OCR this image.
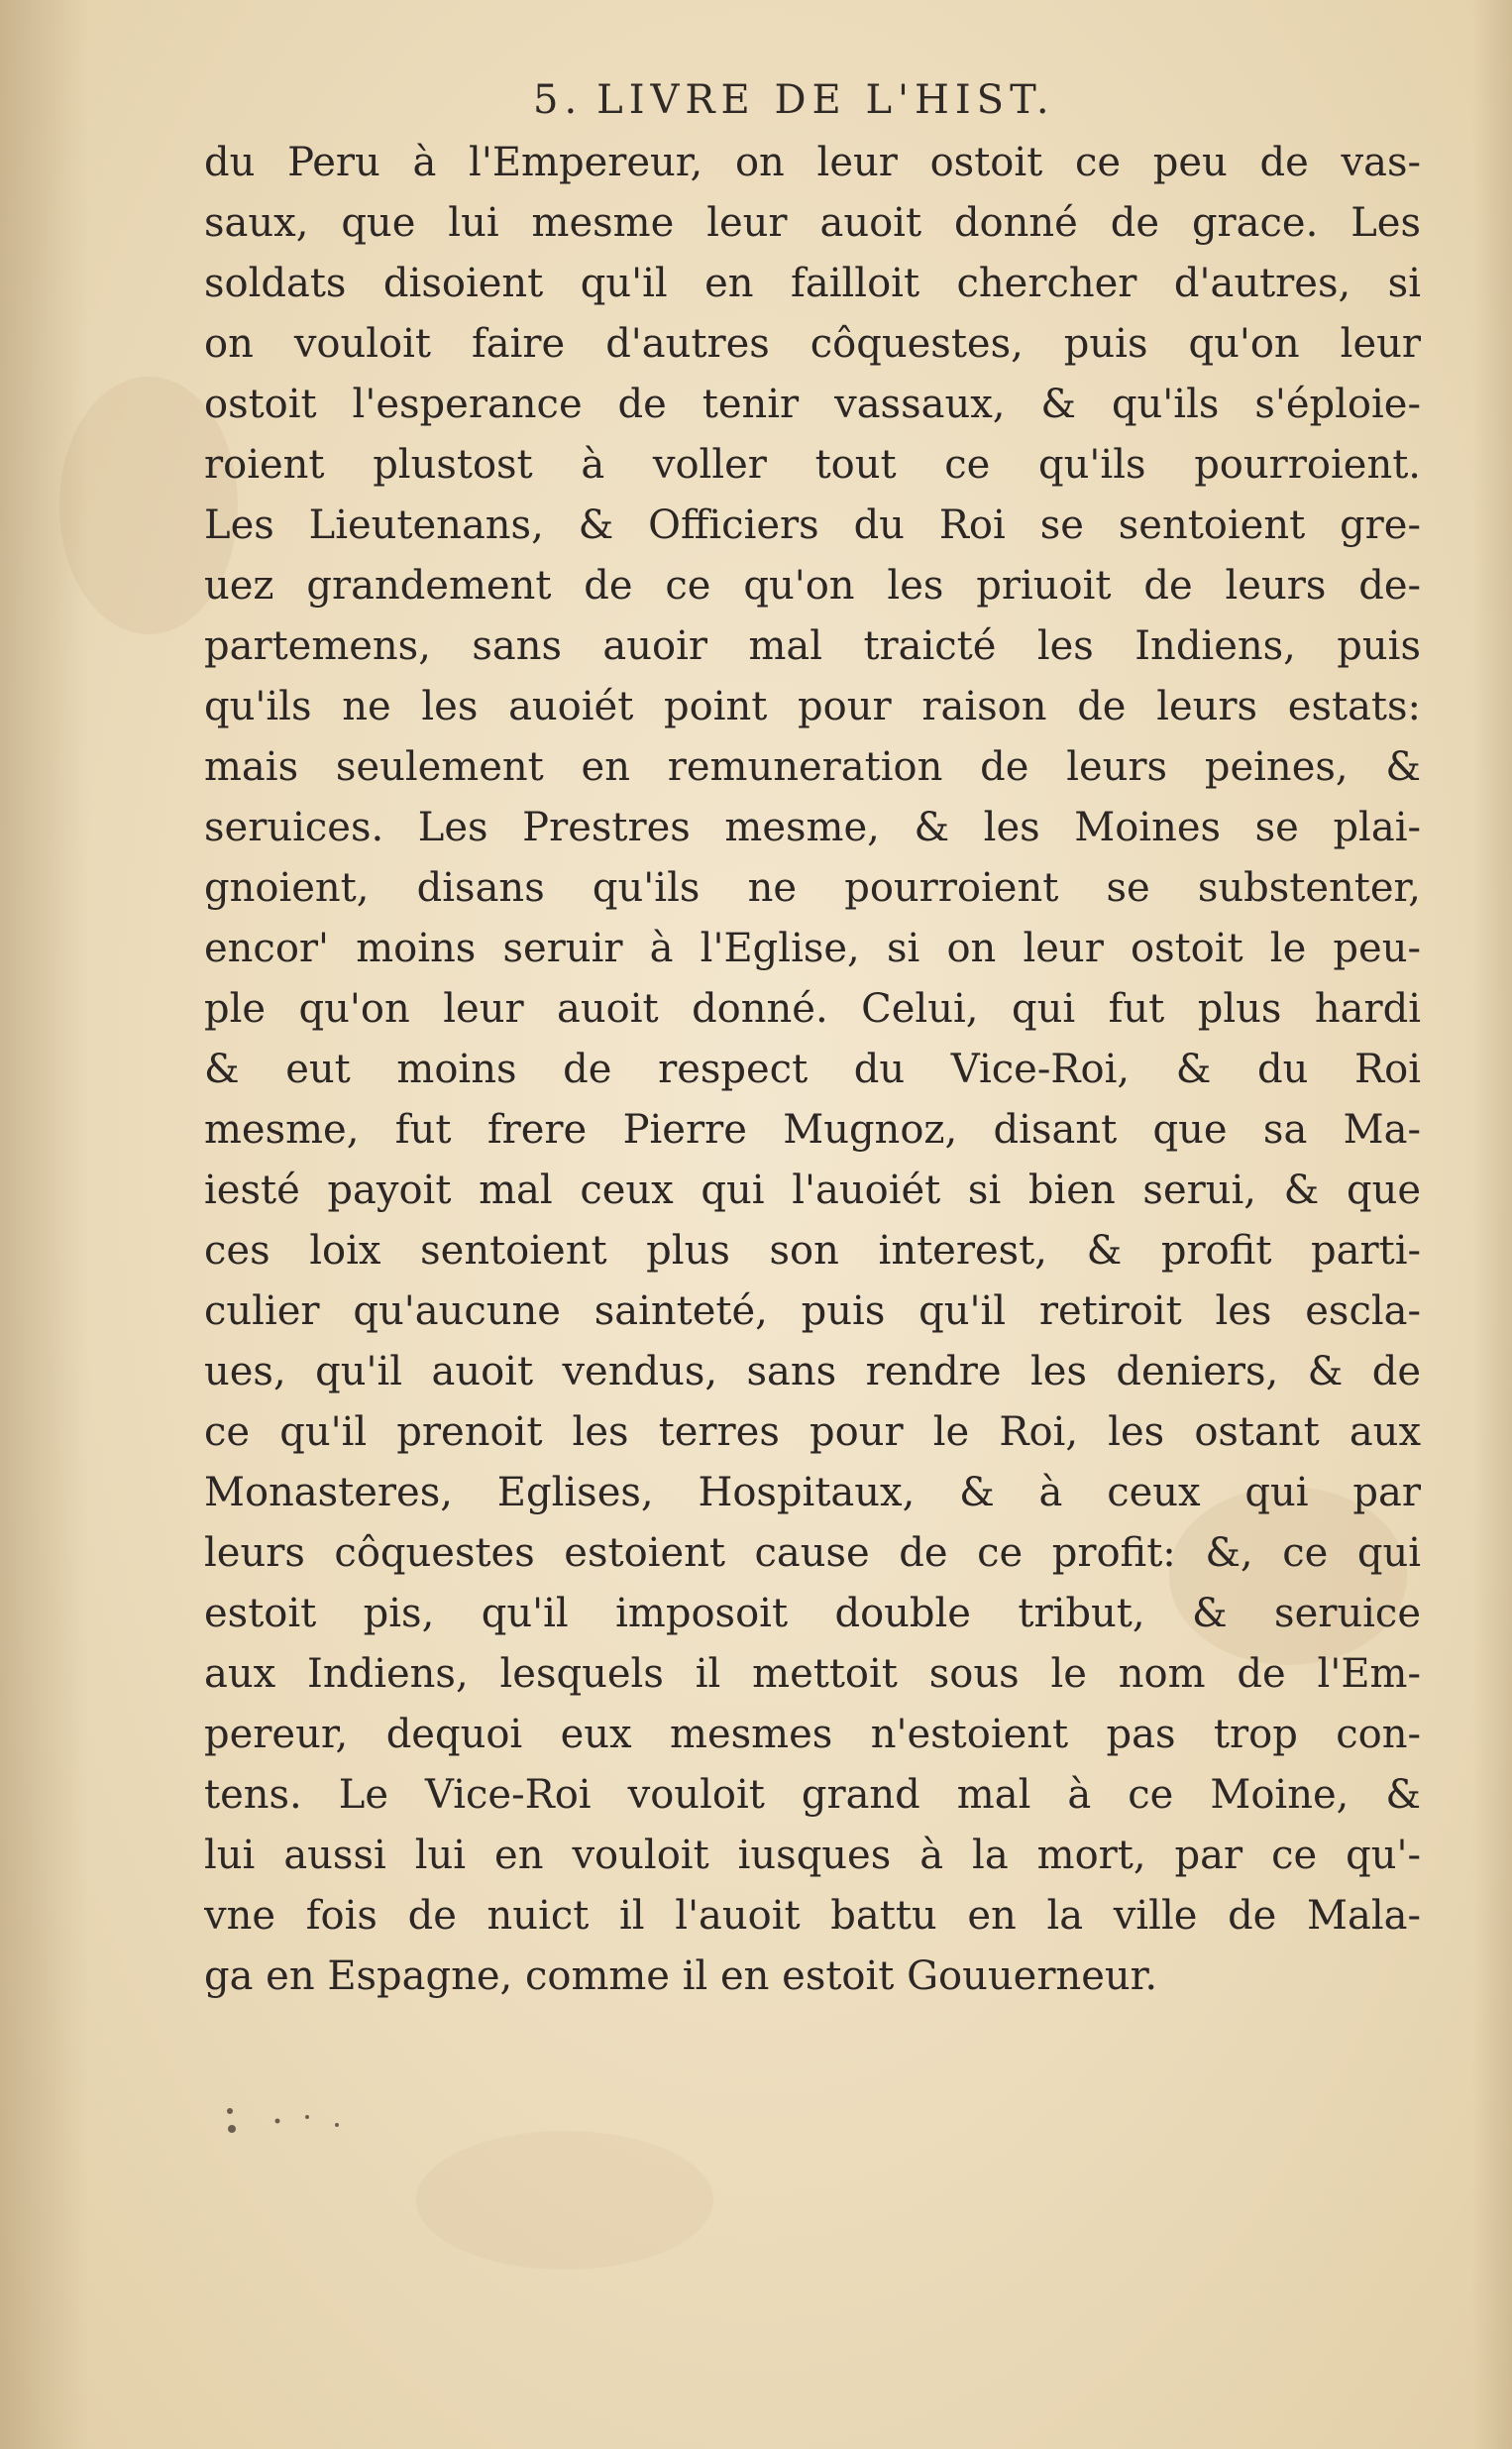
5. LIVRE DE L'HIST.
du Peru à l'Empereur, on leur ostoit ce peu de vas-
saux, que lui mesme leur auoit donné de grace. Les
soldats disoient qu'il en failloit chercher d'autres, si
on vouloit faire d'autres côquestes, puis qu'on leur
ostoit l'esperance de tenir vassaux, & qu'ils s'éploie-
roient plustost à voller tout ce qu'ils pourroient.
Les Lieutenans, & Officiers du Roi se sentoient gre-
uez grandement de ce qu'on les priuoit de leurs de-
partemens, sans auoir mal traicté les Indiens, puis
qu'ils ne les auoiét point pour raison de leurs estats:
mais seulement en remuneration de leurs peines, &
seruices. Les Prestres mesme, & les Moines se plai-
gnoient, disans qu'ils ne pourroient se substenter,
encor' moins seruir à l'Eglise, si on leur ostoit le peu-
ple qu'on leur auoit donné. Celui, qui fut plus hardi
& eut moins de respect du Vice-Roi, & du Roi
mesme, fut frere Pierre Mugnoz, disant que sa Ma-
iesté payoit mal ceux qui l'auoiét si bien serui, & que
ces loix sentoient plus son interest, & profit parti-
culier qu'aucune sainteté, puis qu'il retiroit les escla-
ues, qu'il auoit vendus, sans rendre les deniers, & de
ce qu'il prenoit les terres pour le Roi, les ostant aux
Monasteres, Eglises, Hospitaux, & à ceux qui par
leurs côquestes estoient cause de ce profit: &, ce qui
estoit pis, qu'il imposoit double tribut, & seruice
aux Indiens, lesquels il mettoit sous le nom de l'Em-
pereur, dequoi eux mesmes n'estoient pas trop con-
tens. Le Vice-Roi vouloit grand mal à ce Moine, &
lui aussi lui en vouloit iusques à la mort, par ce qu'-
vne fois de nuict il l'auoit battu en la ville de Mala-
ga en Espagne, comme il en estoit Gouuerneur.
